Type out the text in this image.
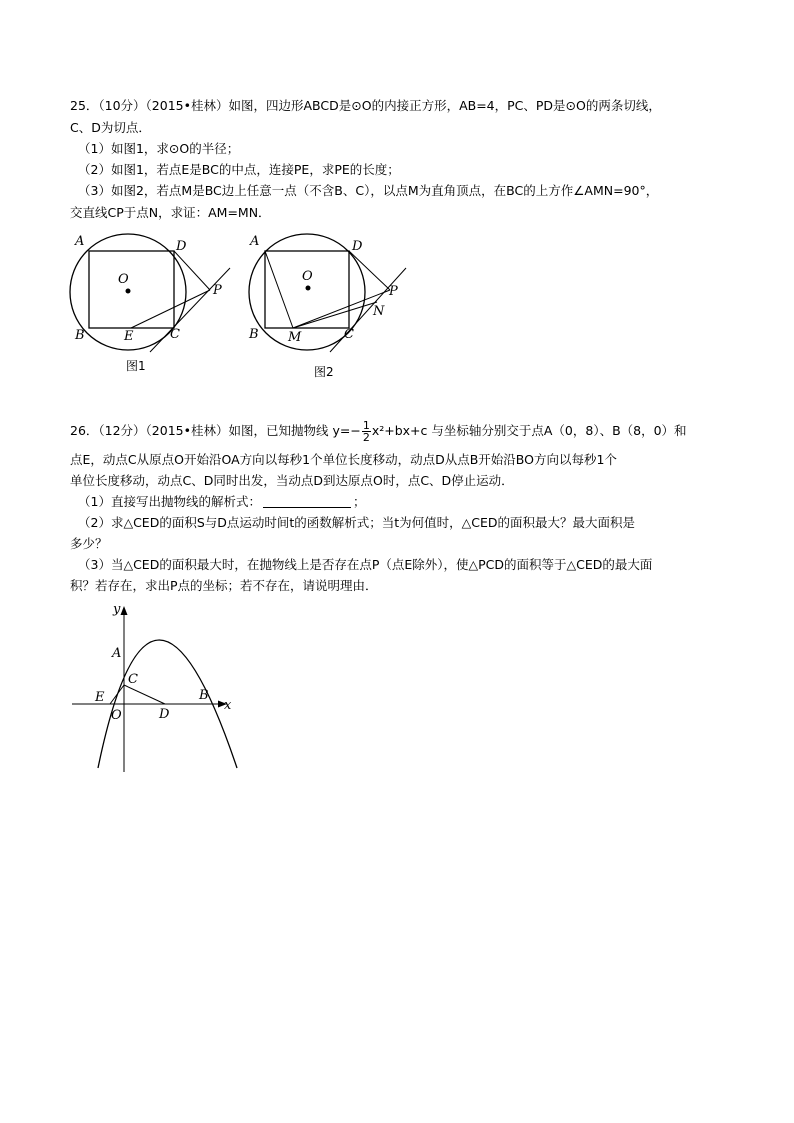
25．（10分）（2015•桂林）如图，四边形ABCD是⊙O的内接正方形，AB=4，PC、PD是⊙O的两条切线，
C、D为切点．
（1）如图1，求⊙O的半径；
（2）如图1，若点E是BC的中点，连接PE，求PE的长度；
（3）如图2，若点M是BC边上任意一点（不含B、C），以点M为直角顶点，在BC的上方作∠AMN=90°，
交直线CP于点N，求证：AM=MN．
A	D
O
P
B	E	C
图1
A	D
O
P
N
B M	C
图2
26．（12分）（2015•桂林）如图，已知抛物线 $y=- \frac{1}{2} x^2+bx+c$ 与坐标轴分别交于点A（0，8）、B（8，0）和
点E，动点C从原点O开始沿OA方向以每秒1个单位长度移动，动点D从点B开始沿BO方向以每秒1个
单位长度移动，动点C、D同时出发，当动点D到达原点O时，点C、D停止运动．
（1）直接写出抛物线的解析式：	；
（2）求△CED的面积S与D点运动时间t的函数解析式；当t为何值时，△CED的面积最大？最大面积是
多少？
（3）当△CED的面积最大时，在抛物线上是否存在点P（点E除外），使△PCD的面积等于△CED的最大面
积？若存在，求出P点的坐标；若不存在，请说明理由．
y
x
A
C
E
O	D
B
